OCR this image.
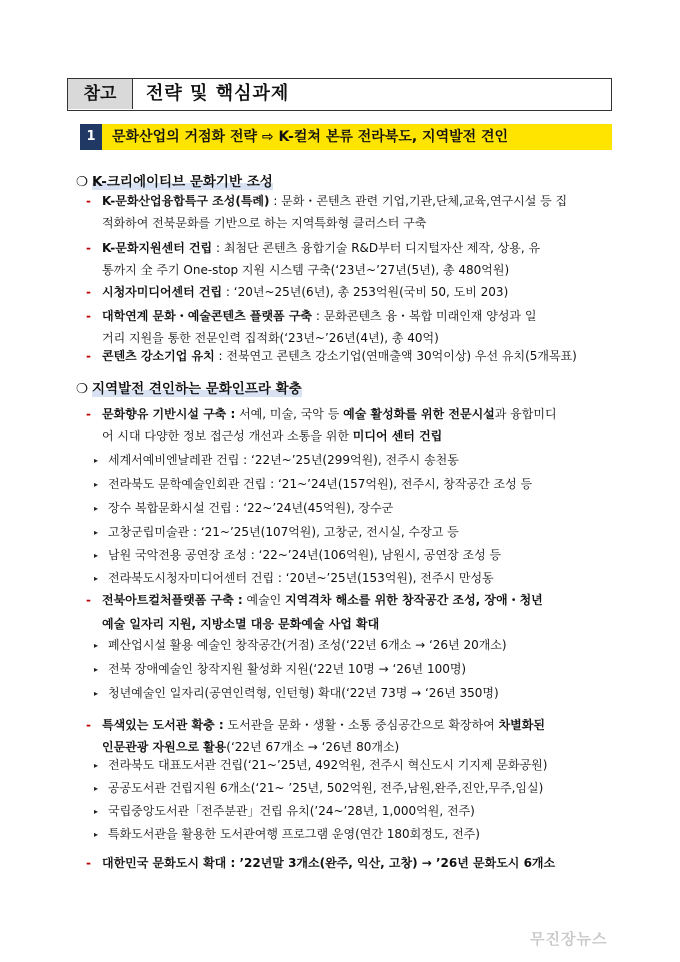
참고	전략 및 핵심과제
1	문화산업의 거점화 전략 ⇨ K-컬쳐 본류 전라북도, 지역발전 견인
❍ K-크리에이티브 문화기반 조성
- K-문화산업융합특구 조성(특례) : 문화・콘텐츠 관련 기업,기관,단체,교육,연구시설 등 집
적화하여 전북문화를 기반으로 하는 지역특화형 클러스터 구축
- K-문화지원센터 건립 : 최첨단 콘텐츠 융합기술 R&D부터 디지털자산 제작, 상용, 유
통까지 全 주기 One-stop 지원 시스템 구축(‘23년~’27년(5년), 총 480억원)
- 시청자미디어센터 건립 : ‘20년~25년(6년), 총 253억원(국비 50, 도비 203)
- 대학연계 문화・예술콘텐츠 플랫폼 구축 : 문화콘텐츠 융・복합 미래인재 양성과 일
거리 지원을 통한 전문인력 집적화(‘23년~’26년(4년), 총 40억)
- 콘텐츠 강소기업 유치 : 전북연고 콘텐츠 강소기업(연매출액 30억이상) 우선 유치(5개목표)
❍ 지역발전 견인하는 문화인프라 확충
- 문화향유 기반시설 구축 : 서예, 미술, 국악 등 예술 활성화를 위한 전문시설과 융합미디
어 시대 다양한 정보 접근성 개선과 소통을 위한 미디어 센터 건립
▸ 세계서예비엔날레관 건립 : ‘22년~’25년(299억원), 전주시 송천동
▸ 전라북도 문학예술인회관 건립 : ‘21~’24년(157억원), 전주시, 창작공간 조성 등
▸ 장수 복합문화시설 건립 : ‘22~’24년(45억원), 장수군
▸ 고창군립미술관 : ‘21~’25년(107억원), 고창군, 전시실, 수장고 등
▸ 남원 국악전용 공연장 조성 : ‘22~’24년(106억원), 남원시, 공연장 조성 등
▸ 전라북도시청자미디어센터 건립 : ‘20년~’25년(153억원), 전주시 만성동
- 전북아트컬처플랫폼 구축 : 예술인 지역격차 해소를 위한 창작공간 조성, 장애・청년
예술 일자리 지원, 지방소멸 대응 문화예술 사업 확대
▸ 폐산업시설 활용 예술인 창작공간(거점) 조성(‘22년 6개소 → ‘26년 20개소)
▸ 전북 장애예술인 창작지원 활성화 지원(‘22년 10명 → ‘26년 100명)
▸ 청년예술인 일자리(공연인력형, 인턴형) 확대(‘22년 73명 → ‘26년 350명)
- 특색있는 도서관 확충 : 도서관을 문화・생활・소통 중심공간으로 확장하여 차별화된
인문관광 자원으로 활용(‘22년 67개소 → ‘26년 80개소)
▸ 전라북도 대표도서관 건립(‘21~’25년, 492억원, 전주시 혁신도시 기지제 문화공원)
▸ 공공도서관 건립지원 6개소(‘21~ ’25년, 502억원, 전주,남원,완주,진안,무주,임실)
▸ 국립중앙도서관「전주분관」건립 유치(’24~’28년, 1,000억원, 전주)
▸ 특화도서관을 활용한 도서관여행 프로그램 운영(연간 180회정도, 전주)
- 대한민국 문화도시 확대 : ’22년말 3개소(완주, 익산, 고창) → ’26년 문화도시 6개소
무진장뉴스
